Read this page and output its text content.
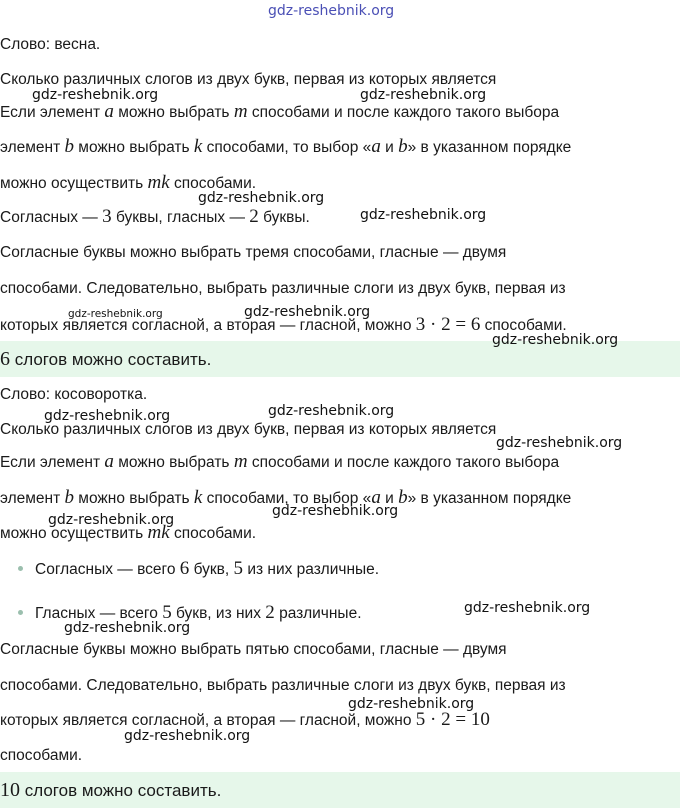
gdz-reshebnik.org

Слово: весна.

Сколько различных слогов из двух букв, первая из которых является

Если элемент a можно выбрать m способами и после каждого такого выбора

элемент b можно выбрать k способами, то выбор «a и b» в указанном порядке

можно осуществить mk способами.

Согласных — 3 буквы, гласных — 2 буквы.

Согласные буквы можно выбрать тремя способами, гласные — двумя

способами. Следовательно, выбрать различные слоги из двух букв, первая из

которых является согласной, а вторая — гласной, можно 3 · 2 = 6 способами.

6 слогов можно составить.

Слово: косоворотка.

Сколько различных слогов из двух букв, первая из которых является

Если элемент a можно выбрать m способами и после каждого такого выбора

элемент b можно выбрать k способами, то выбор «a и b» в указанном порядке

можно осуществить mk способами.

Согласных — всего 6 букв, 5 из них различные.

Гласных — всего 5 букв, из них 2 различные.

Согласные буквы можно выбрать пятью способами, гласные — двумя

способами. Следовательно, выбрать различные слоги из двух букв, первая из

которых является согласной, а вторая — гласной, можно 5 · 2 = 10

способами.

10 слогов можно составить.
gdz-reshebnik.org	gdz-reshebnik.org
gdz-reshebnik.org
gdz-reshebnik.org
gdz-reshebnik.org	gdz-reshebnik.org
gdz-reshebnik.org
gdz-reshebnik.org
gdz-reshebnik.org
gdz-reshebnik.org
gdz-reshebnik.org
gdz-reshebnik.org
gdz-reshebnik.org
gdz-reshebnik.org
gdz-reshebnik.org
gdz-reshebnik.org
